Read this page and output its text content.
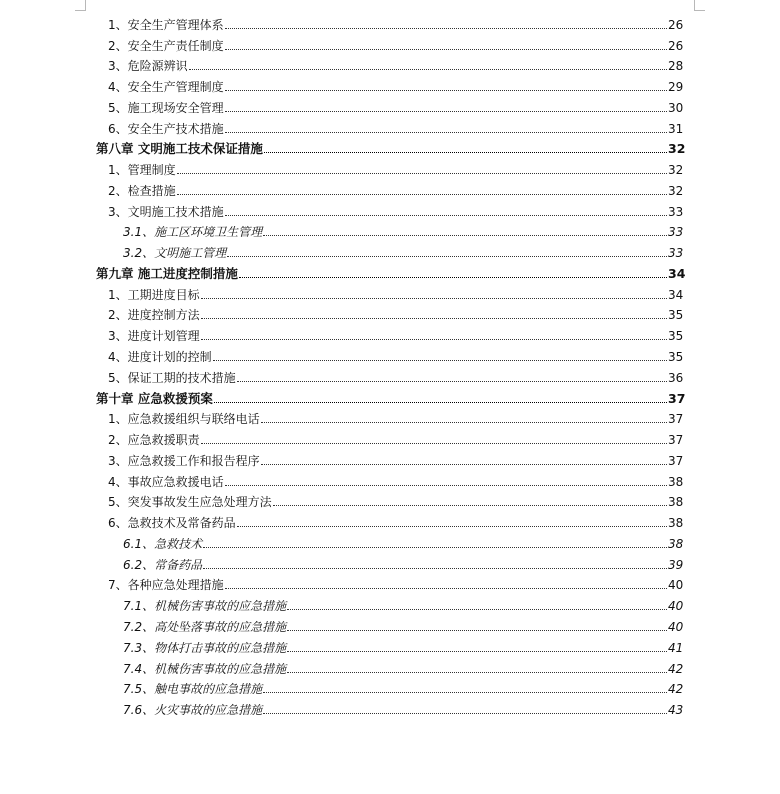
1、安全生产管理体系	26
2、安全生产责任制度	26
3、危险源辨识	28
4、安全生产管理制度	29
5、施工现场安全管理	30
6、安全生产技术措施	31
第八章 文明施工技术保证措施	32
1、管理制度	32
2、检查措施	32
3、文明施工技术措施	33
3.1、施工区环境卫生管理	33
3.2、文明施工管理	33
第九章 施工进度控制措施	34
1、工期进度目标	34
2、进度控制方法	35
3、进度计划管理	35
4、进度计划的控制	35
5、保证工期的技术措施	36
第十章 应急救援预案	37
1、应急救援组织与联络电话	37
2、应急救援职责	37
3、应急救援工作和报告程序	37
4、事故应急救援电话	38
5、突发事故发生应急处理方法	38
6、急救技术及常备药品	38
6.1、急救技术	38
6.2、常备药品	39
7、各种应急处理措施	40
7.1、机械伤害事故的应急措施	40
7.2、高处坠落事故的应急措施	40
7.3、物体打击事故的应急措施	41
7.4、机械伤害事故的应急措施	42
7.5、触电事故的应急措施	42
7.6、火灾事故的应急措施	43
